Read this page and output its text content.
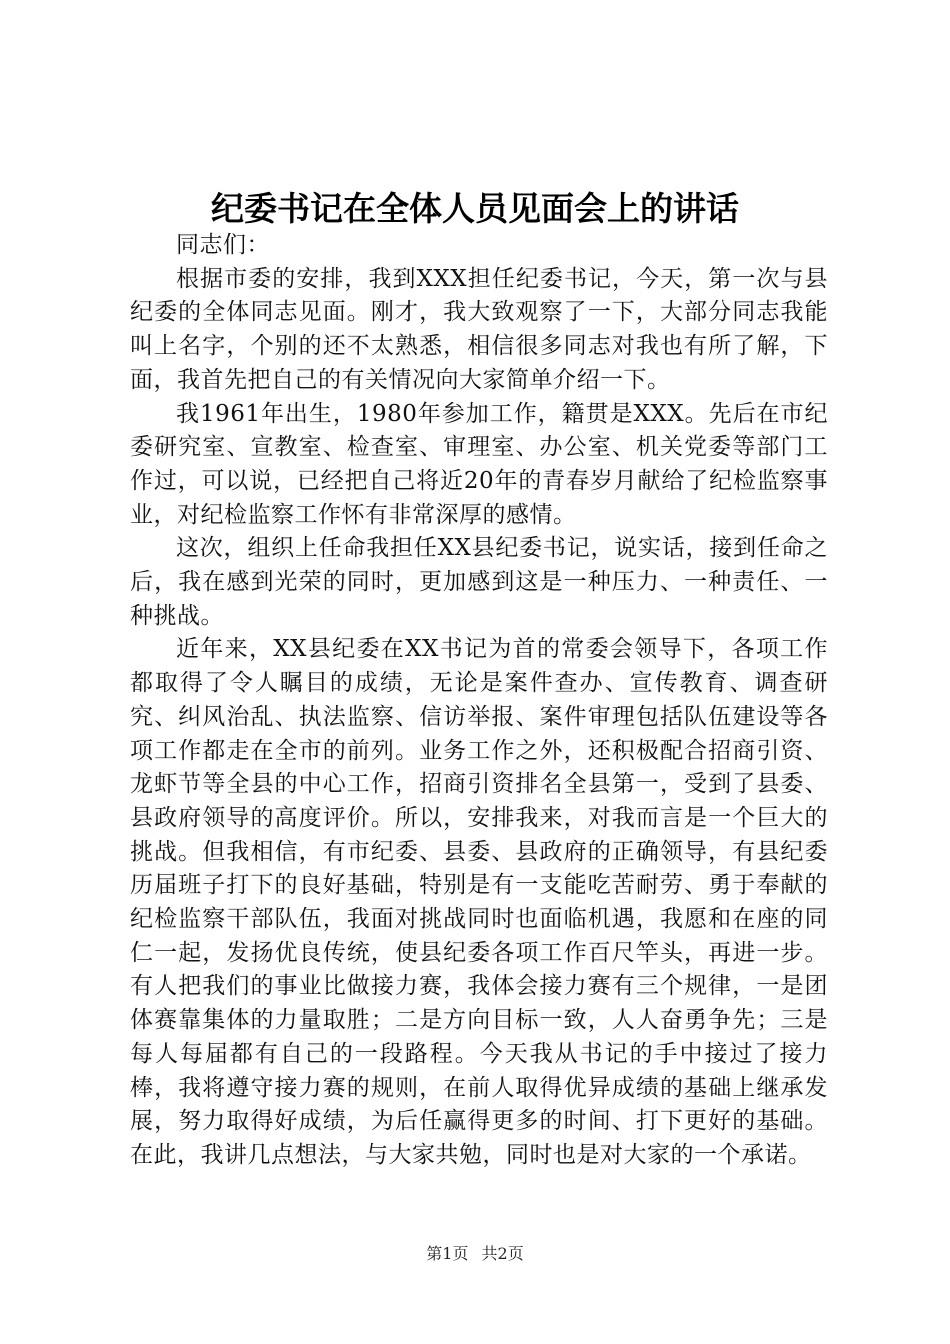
纪委书记在全体人员见面会上的讲话

同志们：

根据市委的安排，我到XXX担任纪委书记，今天，第一次与县纪委的全体同志见面。刚才，我大致观察了一下，大部分同志我能叫上名字，个别的还不太熟悉，相信很多同志对我也有所了解，下面，我首先把自己的有关情况向大家简单介绍一下。

我1961年出生，1980年参加工作，籍贯是XXX。先后在市纪委研究室、宣教室、检查室、审理室、办公室、机关党委等部门工作过，可以说，已经把自己将近20年的青春岁月献给了纪检监察事业，对纪检监察工作怀有非常深厚的感情。

这次，组织上任命我担任XX县纪委书记，说实话，接到任命之后，我在感到光荣的同时，更加感到这是一种压力、一种责任、一种挑战。

近年来，XX县纪委在XX书记为首的常委会领导下，各项工作都取得了令人瞩目的成绩，无论是案件查办、宣传教育、调查研究、纠风治乱、执法监察、信访举报、案件审理包括队伍建设等各项工作都走在全市的前列。业务工作之外，还积极配合招商引资、龙虾节等全县的中心工作，招商引资排名全县第一，受到了县委、县政府领导的高度评价。所以，安排我来，对我而言是一个巨大的挑战。但我相信，有市纪委、县委、县政府的正确领导，有县纪委历届班子打下的良好基础，特别是有一支能吃苦耐劳、勇于奉献的纪检监察干部队伍，我面对挑战同时也面临机遇，我愿和在座的同仁一起，发扬优良传统，使县纪委各项工作百尺竿头，再进一步。有人把我们的事业比做接力赛，我体会接力赛有三个规律，一是团体赛靠集体的力量取胜；二是方向目标一致，人人奋勇争先；三是每人每届都有自己的一段路程。今天我从书记的手中接过了接力棒，我将遵守接力赛的规则，在前人取得优异成绩的基础上继承发展，努力取得好成绩，为后任赢得更多的时间、打下更好的基础。在此，我讲几点想法，与大家共勉，同时也是对大家的一个承诺。

第1页 共2页
